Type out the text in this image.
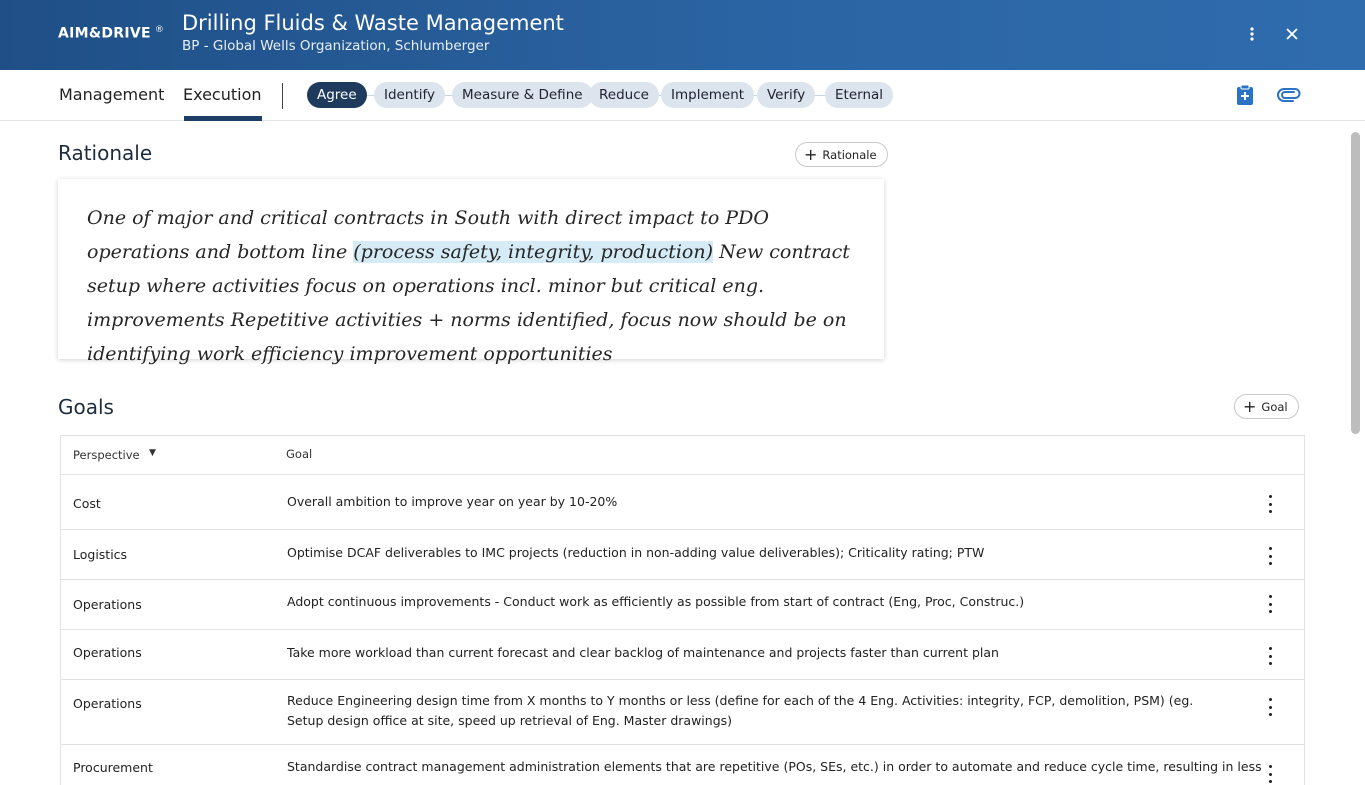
AIM&DRIVE ® Drilling Fluids & Waste Management
BP - Global Wells Organization, Schlumberger
Management Execution	Agree	Identify	Measure & Define	Reduce	Implement	Verify	Eternal
Rationale	+ Rationale
One of major and critical contracts in South with direct impact to PDO operations and bottom line (process safety, integrity, production) New contract setup where activities focus on operations incl. minor but critical eng. improvements Repetitive activities + norms identified, focus now should be on identifying work efficiency improvement opportunities
Goals	+ Goal
Perspective ▼	Goal
Cost	Overall ambition to improve year on year by 10-20%
Logistics	Optimise DCAF deliverables to IMC projects (reduction in non-adding value deliverables); Criticality rating; PTW
Operations	Adopt continuous improvements - Conduct work as efficiently as possible from start of contract (Eng, Proc, Construc.)
Operations	Take more workload than current forecast and clear backlog of maintenance and projects faster than current plan
Operations	Reduce Engineering design time from X months to Y months or less (define for each of the 4 Eng. Activities: integrity, FCP, demolition, PSM) (eg. Setup design office at site, speed up retrieval of Eng. Master drawings)
Procurement	Standardise contract management administration elements that are repetitive (POs, SEs, etc.) in order to automate and reduce cycle time, resulting in less
